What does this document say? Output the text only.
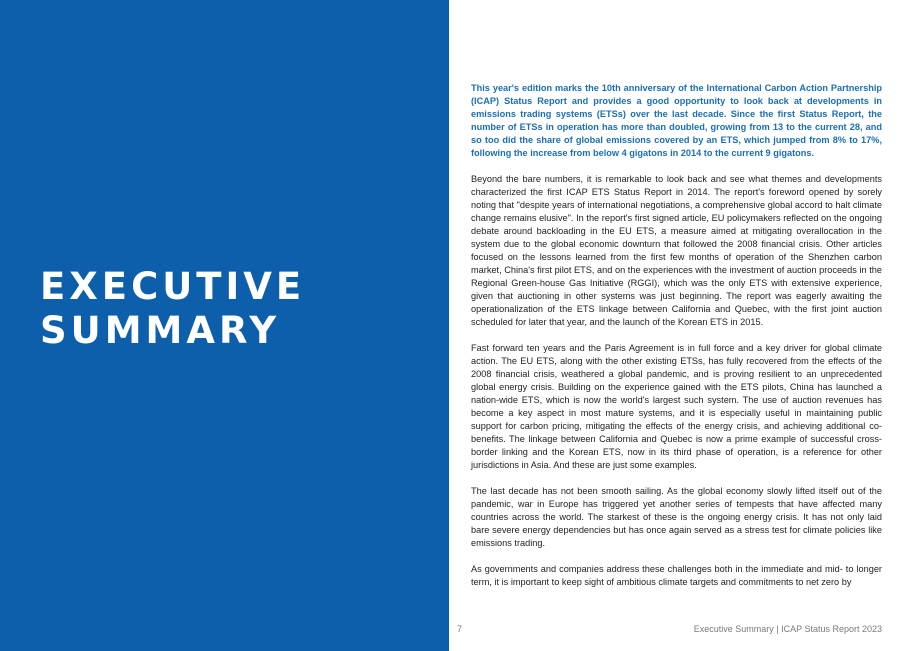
EXECUTIVE
SUMMARY

This year's edition marks the 10th anniversary of the International Carbon Action Partnership (ICAP) Status Report and provides a good opportunity to look back at developments in emissions trading systems (ETSs) over the last decade. Since the first Status Report, the number of ETSs in operation has more than doubled, growing from 13 to the current 28, and so too did the share of global emissions covered by an ETS, which jumped from 8% to 17%, following the increase from below 4 gigatons in 2014 to the current 9 gigatons.

Beyond the bare numbers, it is remarkable to look back and see what themes and developments characterized the first ICAP ETS Status Report in 2014. The report's foreword opened by sorely noting that "despite years of international negotiations, a comprehensive global accord to halt climate change remains elusive". In the report's first signed article, EU policymakers reflected on the ongoing debate around backloading in the EU ETS, a measure aimed at mitigating overallocation in the system due to the global economic downturn that followed the 2008 financial crisis. Other articles focused on the lessons learned from the first few months of operation of the Shenzhen carbon market, China's first pilot ETS, and on the experiences with the investment of auction proceeds in the Regional Green-house Gas Initiative (RGGI), which was the only ETS with extensive experience, given that auctioning in other systems was just beginning. The report was eagerly awaiting the operationalization of the ETS linkage between California and Quebec, with the first joint auction scheduled for later that year, and the launch of the Korean ETS in 2015.

Fast forward ten years and the Paris Agreement is in full force and a key driver for global climate action. The EU ETS, along with the other existing ETSs, has fully recovered from the effects of the 2008 financial crisis, weathered a global pandemic, and is proving resilient to an unprecedented global energy crisis. Building on the experience gained with the ETS pilots, China has launched a nation-wide ETS, which is now the world's largest such system. The use of auction revenues has become a key aspect in most mature systems, and it is especially useful in maintaining public support for carbon pricing, mitigating the effects of the energy crisis, and achieving additional co-benefits. The linkage between California and Quebec is now a prime example of successful cross-border linking and the Korean ETS, now in its third phase of operation, is a reference for other jurisdictions in Asia. And these are just some examples.

The last decade has not been smooth sailing. As the global economy slowly lifted itself out of the pandemic, war in Europe has triggered yet another series of tempests that have affected many countries across the world. The starkest of these is the ongoing energy crisis. It has not only laid bare severe energy dependencies but has once again served as a stress test for climate policies like emissions trading.

As governments and companies address these challenges both in the immediate and mid- to longer term, it is important to keep sight of ambitious climate targets and commitments to net zero by

7	Executive Summary | ICAP Status Report 2023
